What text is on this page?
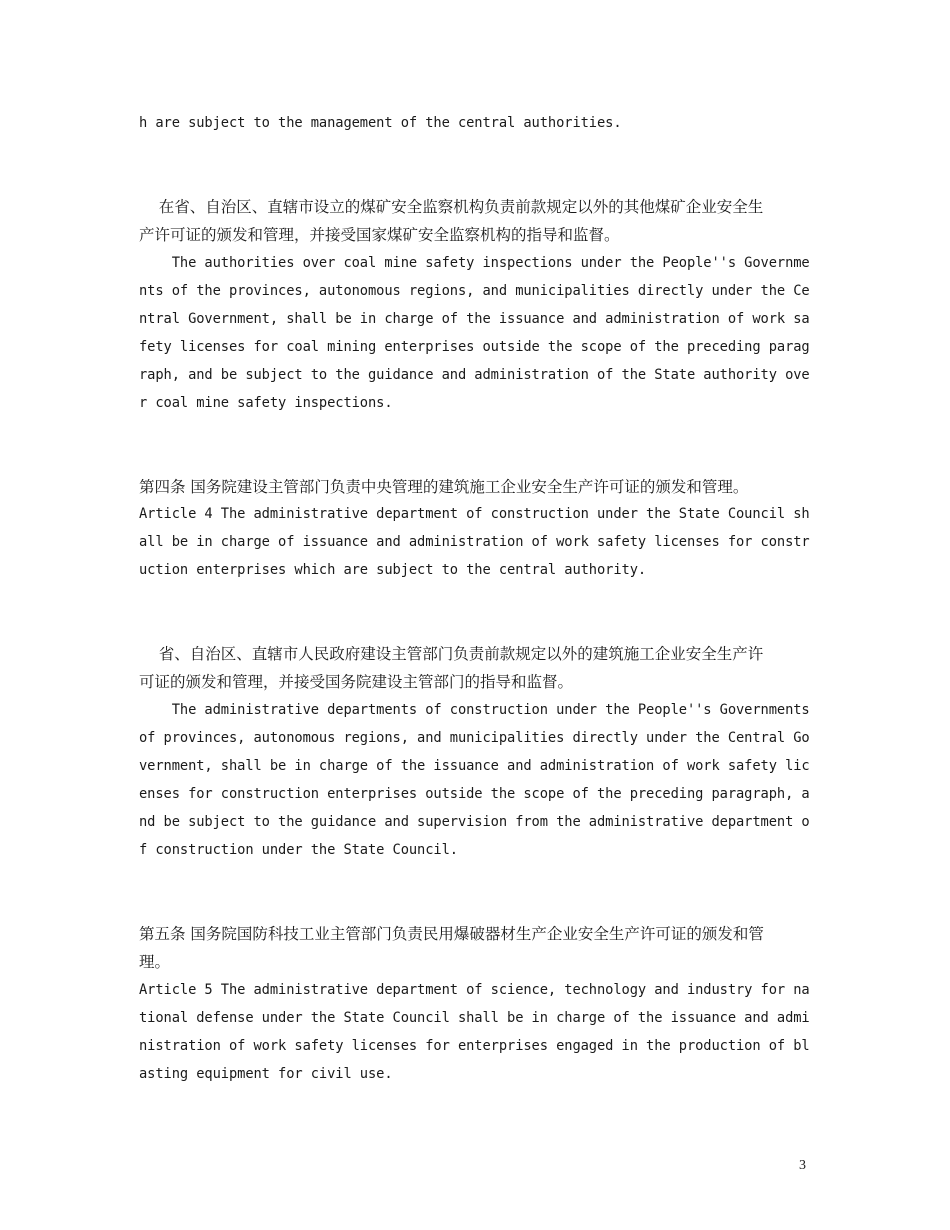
h are subject to the management of the central authorities.

在省、自治区、直辖市设立的煤矿安全监察机构负责前款规定以外的其他煤矿企业安全生

产许可证的颁发和管理，并接受国家煤矿安全监察机构的指导和监督。

The authorities over coal mine safety inspections under the People''s Governme

nts of the provinces, autonomous regions, and municipalities directly under the Ce

ntral Government, shall be in charge of the issuance and administration of work sa

fety licenses for coal mining enterprises outside the scope of the preceding parag

raph, and be subject to the guidance and administration of the State authority ove

r coal mine safety inspections.

第四条 国务院建设主管部门负责中央管理的建筑施工企业安全生产许可证的颁发和管理。

Article 4 The administrative department of construction under the State Council sh

all be in charge of issuance and administration of work safety licenses for constr

uction enterprises which are subject to the central authority.

省、自治区、直辖市人民政府建设主管部门负责前款规定以外的建筑施工企业安全生产许

可证的颁发和管理，并接受国务院建设主管部门的指导和监督。

The administrative departments of construction under the People''s Governments

of provinces, autonomous regions, and municipalities directly under the Central Go

vernment, shall be in charge of the issuance and administration of work safety lic

enses for construction enterprises outside the scope of the preceding paragraph, a

nd be subject to the guidance and supervision from the administrative department o

f construction under the State Council.

第五条 国务院国防科技工业主管部门负责民用爆破器材生产企业安全生产许可证的颁发和管

理。

Article 5 The administrative department of science, technology and industry for na

tional defense under the State Council shall be in charge of the issuance and admi

nistration of work safety licenses for enterprises engaged in the production of bl

asting equipment for civil use.

3
